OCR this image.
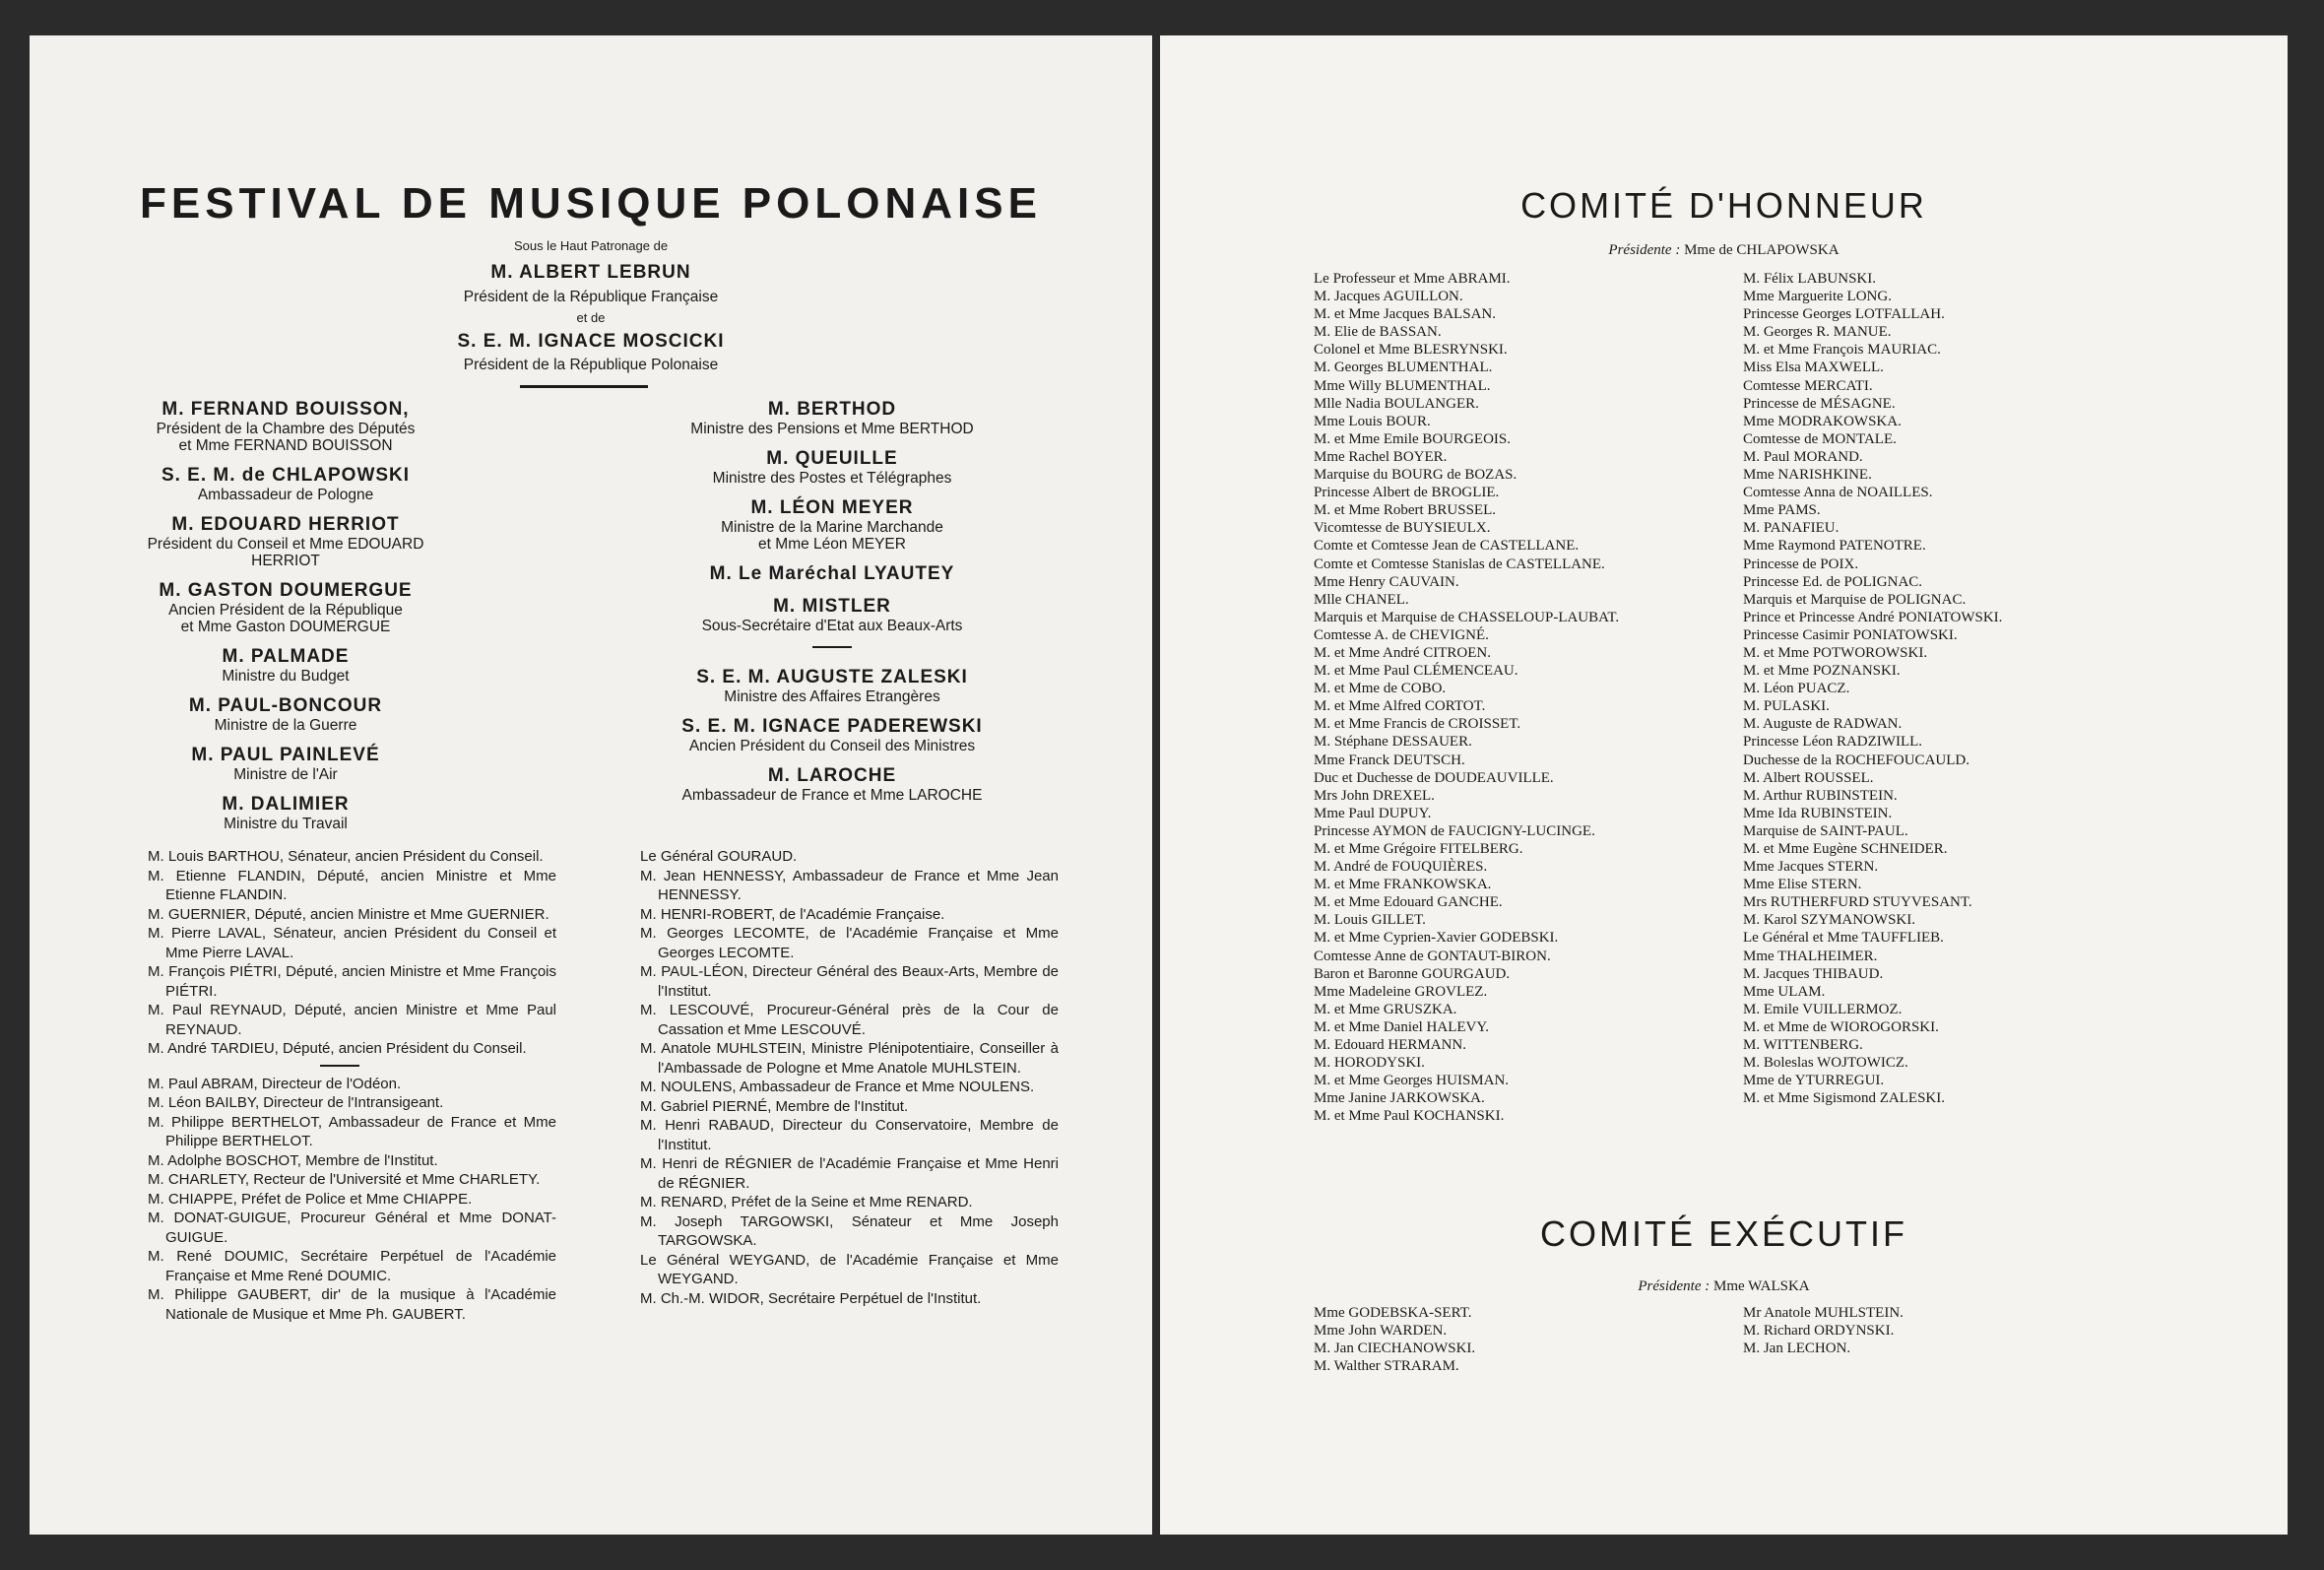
FESTIVAL DE MUSIQUE POLONAISE
Sous le Haut Patronage de
M. ALBERT LEBRUN
Président de la République Française
et de
S. E. M. IGNACE MOSCICKI
Président de la République Polonaise
M. FERNAND BOUISSON,
Président de la Chambre des Députés
et Mme FERNAND BOUISSON
S. E. M. de CHLAPOWSKI
Ambassadeur de Pologne
M. EDOUARD HERRIOT
Président du Conseil et Mme EDOUARD HERRIOT
M. GASTON DOUMERGUE
Ancien Président de la République
et Mme Gaston DOUMERGUE
M. PALMADE
Ministre du Budget
M. PAUL-BONCOUR
Ministre de la Guerre
M. PAUL PAINLEVÉ
Ministre de l'Air
M. DALIMIER
Ministre du Travail
M. BERTHOD
Ministre des Pensions et Mme BERTHOD
M. QUEUILLE
Ministre des Postes et Télégraphes
M. LÉON MEYER
Ministre de la Marine Marchande
et Mme Léon MEYER
M. Le Maréchal LYAUTEY
M. MISTLER
Sous-Secrétaire d'Etat aux Beaux-Arts
S. E. M. AUGUSTE ZALESKI
Ministre des Affaires Etrangères
S. E. M. IGNACE PADEREWSKI
Ancien Président du Conseil des Ministres
M. LAROCHE
Ambassadeur de France et Mme LAROCHE
M. Louis BARTHOU, Sénateur, ancien Président du Conseil.
M. Etienne FLANDIN, Député, ancien Ministre et Mme Etienne FLANDIN.
M. GUERNIER, Député, ancien Ministre et Mme GUERNIER.
M. Pierre LAVAL, Sénateur, ancien Président du Conseil et Mme Pierre LAVAL.
M. François PIÉTRI, Député, ancien Ministre et Mme François PIÉTRI.
M. Paul REYNAUD, Député, ancien Ministre et Mme Paul REYNAUD.
M. André TARDIEU, Député, ancien Président du Conseil.
M. Paul ABRAM, Directeur de l'Odéon.
M. Léon BAILBY, Directeur de l'Intransigeant.
M. Philippe BERTHELOT, Ambassadeur de France et Mme Philippe BERTHELOT.
M. Adolphe BOSCHOT, Membre de l'Institut.
M. CHARLETY, Recteur de l'Université et Mme CHARLETY.
M. CHIAPPE, Préfet de Police et Mme CHIAPPE.
M. DONAT-GUIGUE, Procureur Général et Mme DONAT-GUIGUE.
M. René DOUMIC, Secrétaire Perpétuel de l'Académie Française et Mme René DOUMIC.
M. Philippe GAUBERT, dir' de la musique à l'Académie Nationale de Musique et Mme Ph. GAUBERT.
Le Général GOURAUD.
M. Jean HENNESSY, Ambassadeur de France et Mme Jean HENNESSY.
M. HENRI-ROBERT, de l'Académie Française.
M. Georges LECOMTE, de l'Académie Française et Mme Georges LECOMTE.
M. PAUL-LÉON, Directeur Général des Beaux-Arts, Membre de l'Institut.
M. LESCOUVÉ, Procureur-Général près de la Cour de Cassation et Mme LESCOUVÉ.
M. Anatole MUHLSTEIN, Ministre Plénipotentiaire, Conseiller à l'Ambassade de Pologne et Mme Anatole MUHLSTEIN.
M. NOULENS, Ambassadeur de France et Mme NOULENS.
M. Gabriel PIERNÉ, Membre de l'Institut.
M. Henri RABAUD, Directeur du Conservatoire, Membre de l'Institut.
M. Henri de RÉGNIER de l'Académie Française et Mme Henri de RÉGNIER.
M. RENARD, Préfet de la Seine et Mme RENARD.
M. Joseph TARGOWSKI, Sénateur et Mme Joseph TARGOWSKA.
Le Général WEYGAND, de l'Académie Française et Mme WEYGAND.
M. Ch.-M. WIDOR, Secrétaire Perpétuel de l'Institut.
COMITÉ D'HONNEUR
Présidente : Mme de CHLAPOWSKA
Le Professeur et Mme ABRAMI.
M. Jacques AGUILLON.
M. et Mme Jacques BALSAN.
M. Elie de BASSAN.
Colonel et Mme BLESRYNSKI.
M. Georges BLUMENTHAL.
Mme Willy BLUMENTHAL.
Mlle Nadia BOULANGER.
Mme Louis BOUR.
M. et Mme Emile BOURGEOIS.
Mme Rachel BOYER.
Marquise du BOURG de BOZAS.
Princesse Albert de BROGLIE.
M. et Mme Robert BRUSSEL.
Vicomtesse de BUYSIEULX.
Comte et Comtesse Jean de CASTELLANE.
Comte et Comtesse Stanislas de CASTELLANE.
Mme Henry CAUVAIN.
Mlle CHANEL.
Marquis et Marquise de CHASSELOUP-LAUBAT.
Comtesse A. de CHEVIGNÉ.
M. et Mme André CITROEN.
M. et Mme Paul CLÉMENCEAU.
M. et Mme de COBO.
M. et Mme Alfred CORTOT.
M. et Mme Francis de CROISSET.
M. Stéphane DESSAUER.
Mme Franck DEUTSCH.
Duc et Duchesse de DOUDEAUVILLE.
Mrs John DREXEL.
Mme Paul DUPUY.
Princesse AYMON de FAUCIGNY-LUCINGE.
M. et Mme Grégoire FITELBERG.
M. André de FOUQUIÈRES.
M. et Mme FRANKOWSKA.
M. et Mme Edouard GANCHE.
M. Louis GILLET.
M. et Mme Cyprien-Xavier GODEBSKI.
Comtesse Anne de GONTAUT-BIRON.
Baron et Baronne GOURGAUD.
Mme Madeleine GROVLEZ.
M. et Mme GRUSZKA.
M. et Mme Daniel HALEVY.
M. Edouard HERMANN.
M. HORODYSKI.
M. et Mme Georges HUISMAN.
Mme Janine JARKOWSKA.
M. et Mme Paul KOCHANSKI.
M. Félix LABUNSKI.
Mme Marguerite LONG.
Princesse Georges LOTFALLAH.
M. Georges R. MANUE.
M. et Mme François MAURIAC.
Miss Elsa MAXWELL.
Comtesse MERCATI.
Princesse de MÉSAGNE.
Mme MODRAKOWSKA.
Comtesse de MONTALE.
M. Paul MORAND.
Mme NARISHKINE.
Comtesse Anna de NOAILLES.
Mme PAMS.
M. PANAFIEU.
Mme Raymond PATENOTRE.
Princesse de POIX.
Princesse Ed. de POLIGNAC.
Marquis et Marquise de POLIGNAC.
Prince et Princesse André PONIATOWSKI.
Princesse Casimir PONIATOWSKI.
M. et Mme POTWOROWSKI.
M. et Mme POZNANSKI.
M. Léon PUACZ.
M. PULASKI.
M. Auguste de RADWAN.
Princesse Léon RADZIWILL.
Duchesse de la ROCHEFOUCAULD.
M. Albert ROUSSEL.
M. Arthur RUBINSTEIN.
Mme Ida RUBINSTEIN.
Marquise de SAINT-PAUL.
M. et Mme Eugène SCHNEIDER.
Mme Jacques STERN.
Mme Elise STERN.
Mrs RUTHERFURD STUYVESANT.
M. Karol SZYMANOWSKI.
Le Général et Mme TAUFFLIEB.
Mme THALHEIMER.
M. Jacques THIBAUD.
Mme ULAM.
M. Emile VUILLERMOZ.
M. et Mme de WIOROGORSKI.
M. WITTENBERG.
M. Boleslas WOJTOWICZ.
Mme de YTURREGUI.
M. et Mme Sigismond ZALESKI.
COMITÉ EXÉCUTIF
Présidente : Mme WALSKA
Mme GODEBSKA-SERT.
Mme John WARDEN.
M. Jan CIECHANOWSKI.
M. Walther STRARAM.
Mr Anatole MUHLSTEIN.
M. Richard ORDYNSKI.
M. Jan LECHON.
